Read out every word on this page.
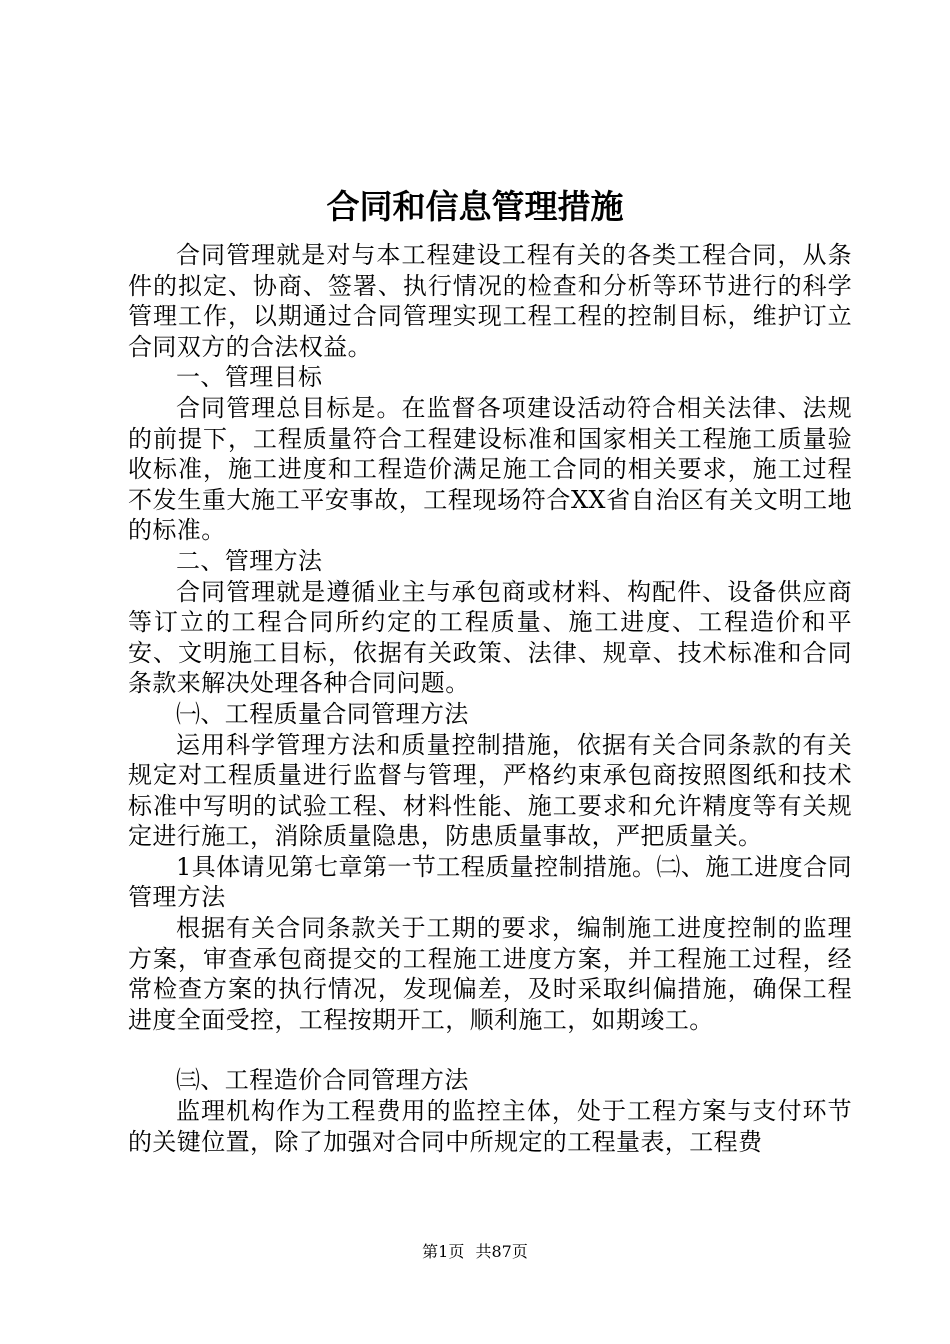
合同和信息管理措施

合同管理就是对与本工程建设工程有关的各类工程合同，从条件的拟定、协商、签署、执行情况的检查和分析等环节进行的科学管理工作，以期通过合同管理实现工程工程的控制目标，维护订立合同双方的合法权益。

一、管理目标

合同管理总目标是。在监督各项建设活动符合相关法律、法规的前提下，工程质量符合工程建设标准和国家相关工程施工质量验收标准，施工进度和工程造价满足施工合同的相关要求，施工过程不发生重大施工平安事故，工程现场符合XX省自治区有关文明工地的标准。

二、管理方法

合同管理就是遵循业主与承包商或材料、构配件、设备供应商等订立的工程合同所约定的工程质量、施工进度、工程造价和平安、文明施工目标，依据有关政策、法律、规章、技术标准和合同条款来解决处理各种合同问题。

㈠、工程质量合同管理方法

运用科学管理方法和质量控制措施，依据有关合同条款的有关规定对工程质量进行监督与管理，严格约束承包商按照图纸和技术标准中写明的试验工程、材料性能、施工要求和允许精度等有关规定进行施工，消除质量隐患，防患质量事故，严把质量关。

1具体请见第七章第一节工程质量控制措施。㈡、施工进度合同管理方法

根据有关合同条款关于工期的要求，编制施工进度控制的监理方案，审查承包商提交的工程施工进度方案，并工程施工过程，经常检查方案的执行情况，发现偏差，及时采取纠偏措施，确保工程进度全面受控，工程按期开工，顺利施工，如期竣工。

㈢、工程造价合同管理方法

监理机构作为工程费用的监控主体，处于工程方案与支付环节的关键位置，除了加强对合同中所规定的工程量表，工程费

第1页 共87页
